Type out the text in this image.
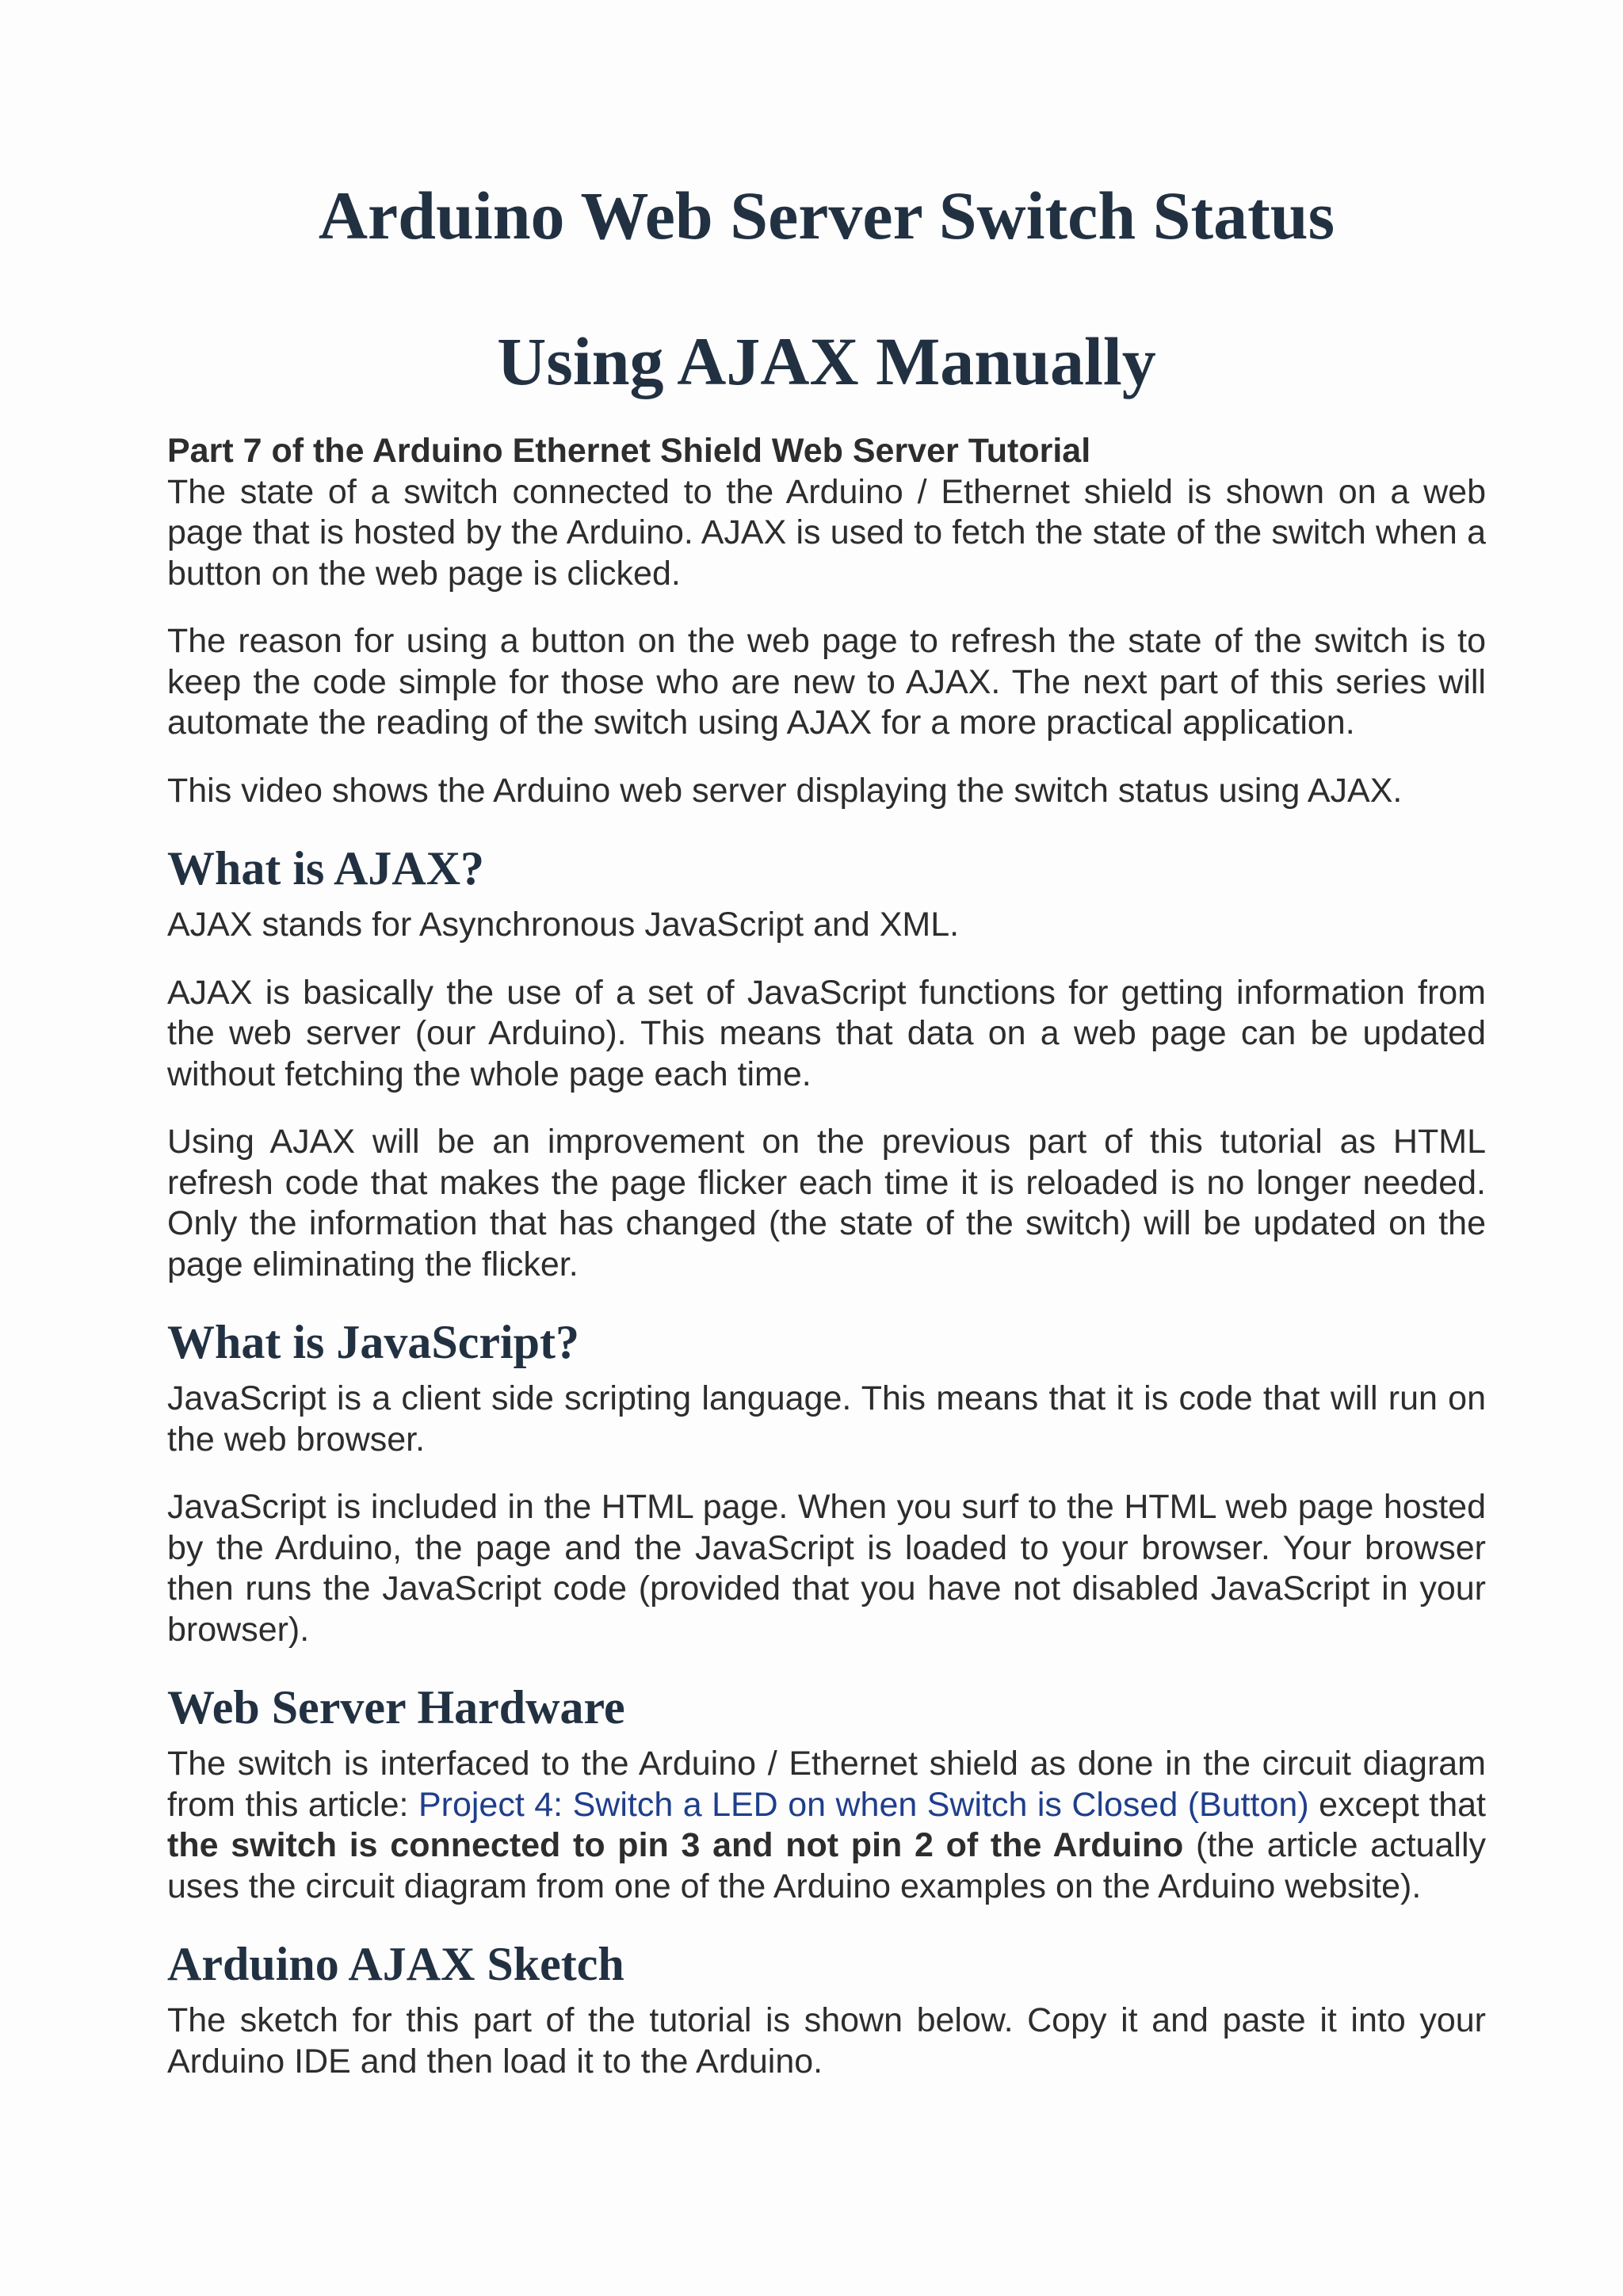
Arduino Web Server Switch Status
Using AJAX Manually
Part 7 of the Arduino Ethernet Shield Web Server Tutorial

The state of a switch connected to the Arduino / Ethernet shield is shown on a web page that is hosted by the Arduino. AJAX is used to fetch the state of the switch when a button on the web page is clicked.

The reason for using a button on the web page to refresh the state of the switch is to keep the code simple for those who are new to AJAX. The next part of this series will automate the reading of the switch using AJAX for a more practical application.

This video shows the Arduino web server displaying the switch status using AJAX.

What is AJAX?

AJAX stands for Asynchronous JavaScript and XML.

AJAX is basically the use of a set of JavaScript functions for getting information from the web server (our Arduino). This means that data on a web page can be updated without fetching the whole page each time.

Using AJAX will be an improvement on the previous part of this tutorial as HTML refresh code that makes the page flicker each time it is reloaded is no longer needed. Only the information that has changed (the state of the switch) will be updated on the page eliminating the flicker.

What is JavaScript?

JavaScript is a client side scripting language. This means that it is code that will run on the web browser.

JavaScript is included in the HTML page. When you surf to the HTML web page hosted by the Arduino, the page and the JavaScript is loaded to your browser. Your browser then runs the JavaScript code (provided that you have not disabled JavaScript in your browser).

Web Server Hardware

The switch is interfaced to the Arduino / Ethernet shield as done in the circuit diagram from this article: Project 4: Switch a LED on when Switch is Closed (Button) except that the switch is connected to pin 3 and not pin 2 of the Arduino (the article actually uses the circuit diagram from one of the Arduino examples on the Arduino website).

Arduino AJAX Sketch

The sketch for this part of the tutorial is shown below. Copy it and paste it into your Arduino IDE and then load it to the Arduino.
